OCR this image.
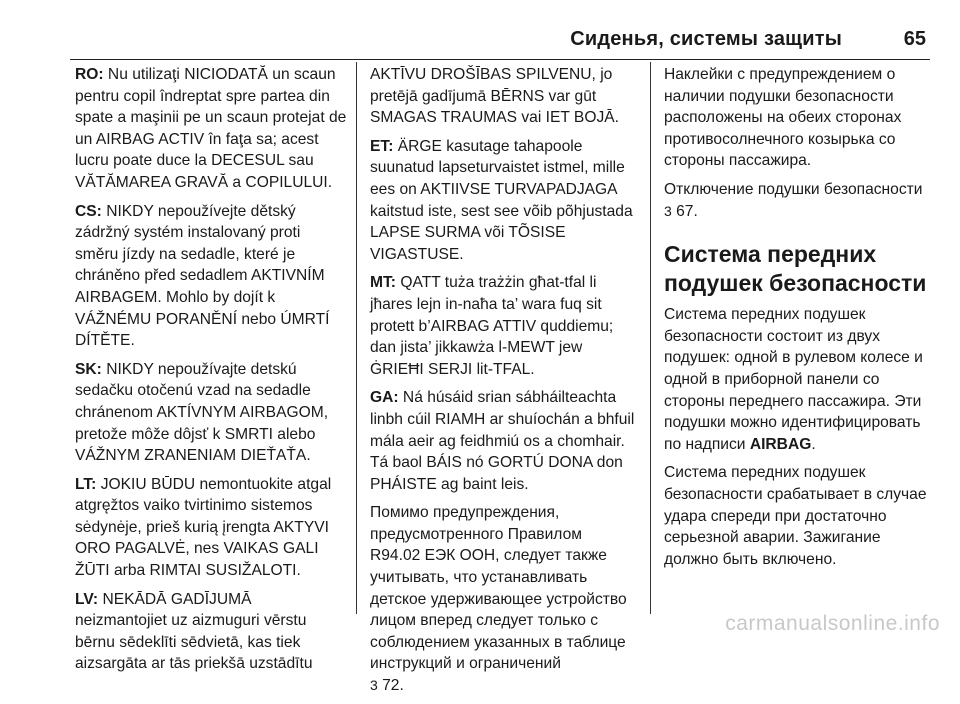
Сиденья, системы защиты	65

RO: Nu utilizaţi NICIODATĂ un scaun pentru copil îndreptat spre partea din spate a maşinii pe un scaun protejat de un AIRBAG ACTIV în faţa sa; acest lucru poate duce la DECESUL sau VĂTĂMAREA GRAVĂ a COPILULUI.

CS: NIKDY nepoužívejte dětský zádržný systém instalovaný proti směru jízdy na sedadle, které je chráněno před sedadlem AKTIVNÍM AIRBAGEM. Mohlo by dojít k VÁŽNÉMU PORANĚNÍ nebo ÚMRTÍ DÍTĚTE.

SK: NIKDY nepoužívajte detskú sedačku otočenú vzad na sedadle chránenom AKTÍVNYM AIRBAGOM, pretože môže dôjsť k SMRTI alebo VÁŽNYM ZRANENIAM DIEŤAŤA.

LT: JOKIU BŪDU nemontuokite atgal atgręžtos vaiko tvirtinimo sistemos sėdynėje, prieš kurią įrengta AKTYVI ORO PAGALVĖ, nes VAIKAS GALI ŽŪTI arba RIMTAI SUSIŽALOTI.

LV: NEKĀDĀ GADĪJUMĀ neizmantojiet uz aizmuguri vērstu bērnu sēdeklīti sēdvietā, kas tiek aizsargāta ar tās priekšā uzstādītu

AKTĪVU DROŠĪBAS SPILVENU, jo pretējā gadījumā BĒRNS var gūt SMAGAS TRAUMAS vai IET BOJĀ.

ET: ÄRGE kasutage tahapoole suunatud lapseturvaistet istmel, mille ees on AKTIIVSE TURVAPADJAGA kaitstud iste, sest see võib põhjustada LAPSE SURMA või TÕSISE VIGASTUSE.

MT: QATT tuża trażżin għat-tfal li jħares lejn in-naħa ta’ wara fuq sit protett b’AIRBAG ATTIV quddiemu; dan jista’ jikkawża l-MEWT jew ĠRIEĦI SERJI lit-TFAL.

GA: Ná húsáid srian sábháilteachta linbh cúil RIAMH ar shuíochán a bhfuil mála aeir ag feidhmiú os a chomhair. Tá baol BÁIS nó GORTÚ DONA don PHÁISTE ag baint leis.

Помимо предупреждения, предусмотренного Правилом R94.02 ЕЭК ООН, следует также учитывать, что устанавливать детское удерживающее устройство лицом вперед следует только с соблюдением указанных в таблице инструкций и ограничений
3 72.

Наклейки с предупреждением о наличии подушки безопасности расположены на обеих сторонах противосолнечного козырька со стороны пассажира.

Отключение подушки безопасности 3 67.

Система передних подушек безопасности

Система передних подушек безопасности состоит из двух подушек: одной в рулевом колесе и одной в приборной панели со стороны переднего пассажира. Эти подушки можно идентифицировать по надписи AIRBAG.

Система передних подушек безопасности срабатывает в случае удара спереди при достаточно серьезной аварии. Зажигание должно быть включено.

carmanualsonline.info
